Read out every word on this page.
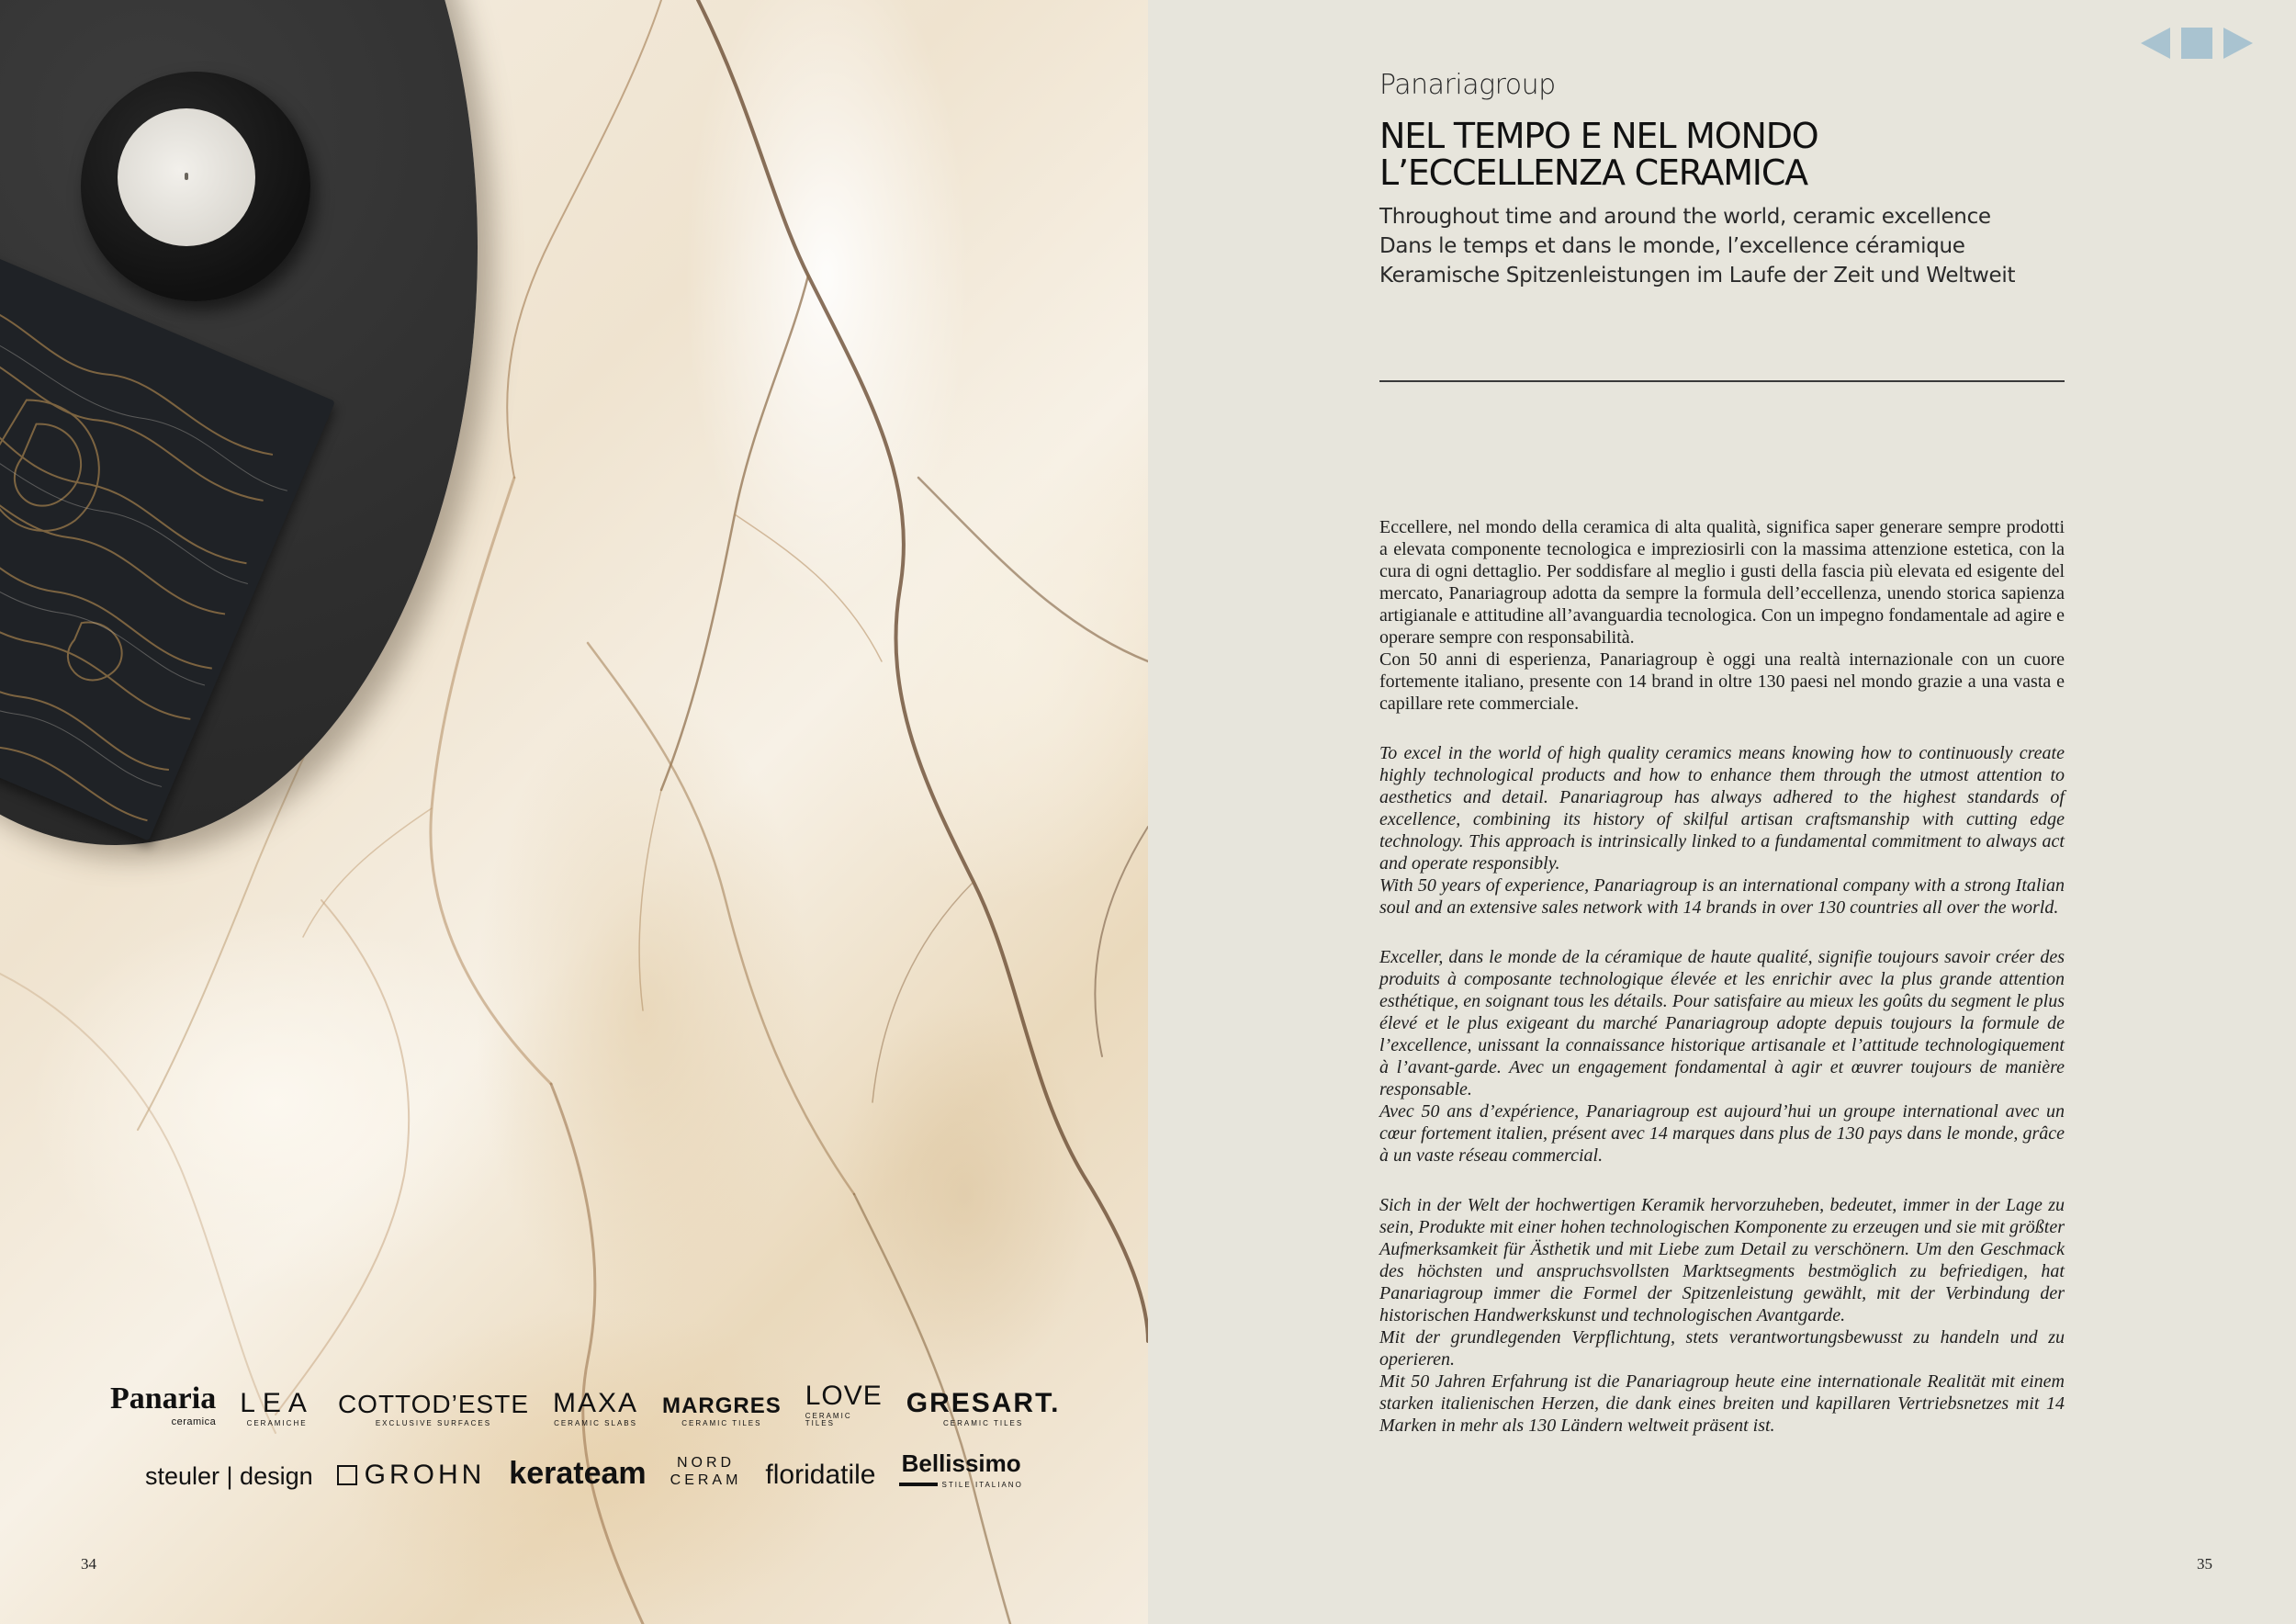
Panaria
ceramica
LEA
CERAMICHE
COTTOD’ESTE
EXCLUSIVE SURFACES
MAXA
CERAMIC SLABS
MARGRES
CERAMIC TILES
LOVE
CERAMIC TILES
GRESART.
CERAMIC TILES
steuler | design GROHN kerateam	NORD
CERAM floridatile Bellissimo
STILE ITALIANO
34
Panariagroup
NEL TEMPO E NEL MONDO L’ECCELLENZA CERAMICA
Throughout time and around the world, ceramic excellence
Dans le temps et dans le monde, l’excellence céramique
Keramische Spitzenleistungen im Laufe der Zeit und Weltweit

Eccellere, nel mondo della ceramica di alta qualità, significa saper generare sempre prodotti a elevata componente tecnologica e impreziosirli con la massima attenzione estetica, con la cura di ogni dettaglio. Per soddisfare al meglio i gusti della fascia più elevata ed esigente del mercato, Panariagroup adotta da sempre la formula dell’eccellenza, unendo storica sapienza artigianale e attitudine all’avanguardia tecnologica. Con un impegno fondamentale ad agire e operare sempre con responsabilità.

Con 50 anni di esperienza, Panariagroup è oggi una realtà internazionale con un cuore fortemente italiano, presente con 14 brand in oltre 130 paesi nel mondo grazie a una vasta e capillare rete commerciale.

To excel in the world of high quality ceramics means knowing how to continuously create highly technological products and how to enhance them through the utmost attention to aesthetics and detail. Panariagroup has always adhered to the highest standards of excellence, combining its history of skilful artisan craftsmanship with cutting edge technology. This approach is intrinsically linked to a fundamental commitment to always act and operate responsibly.

With 50 years of experience, Panariagroup is an international company with a strong Italian soul and an extensive sales network with 14 brands in over 130 countries all over the world.

Exceller, dans le monde de la céramique de haute qualité, signifie toujours savoir créer des produits à composante technologique élevée et les enrichir avec la plus grande attention esthétique, en soignant tous les détails. Pour satisfaire au mieux les goûts du segment le plus élevé et le plus exigeant du marché Panariagroup adopte depuis toujours la formule de l’excellence, unissant la connaissance historique artisanale et l’attitude technologiquement à l’avant-garde. Avec un engagement fondamental à agir et œuvrer toujours de manière responsable.

Avec 50 ans d’expérience, Panariagroup est aujourd’hui un groupe international avec un cœur fortement italien, présent avec 14 marques dans plus de 130 pays dans le monde, grâce à un vaste réseau commercial.

Sich in der Welt der hochwertigen Keramik hervorzuheben, bedeutet, immer in der Lage zu sein, Produkte mit einer hohen technologischen Komponente zu erzeugen und sie mit größter Aufmerksamkeit für Ästhetik und mit Liebe zum Detail zu verschönern. Um den Geschmack des höchsten und anspruchsvollsten Marktsegments bestmöglich zu befriedigen, hat Panariagroup immer die Formel der Spitzenleistung gewählt, mit der Verbindung der historischen Handwerkskunst und technologischen Avantgarde.

Mit der grundlegenden Verpflichtung, stets verantwortungsbewusst zu handeln und zu operieren.

Mit 50 Jahren Erfahrung ist die Panariagroup heute eine internationale Realität mit einem starken italienischen Herzen, die dank eines breiten und kapillaren Vertriebsnetzes mit 14 Marken in mehr als 130 Ländern weltweit präsent ist.

35
